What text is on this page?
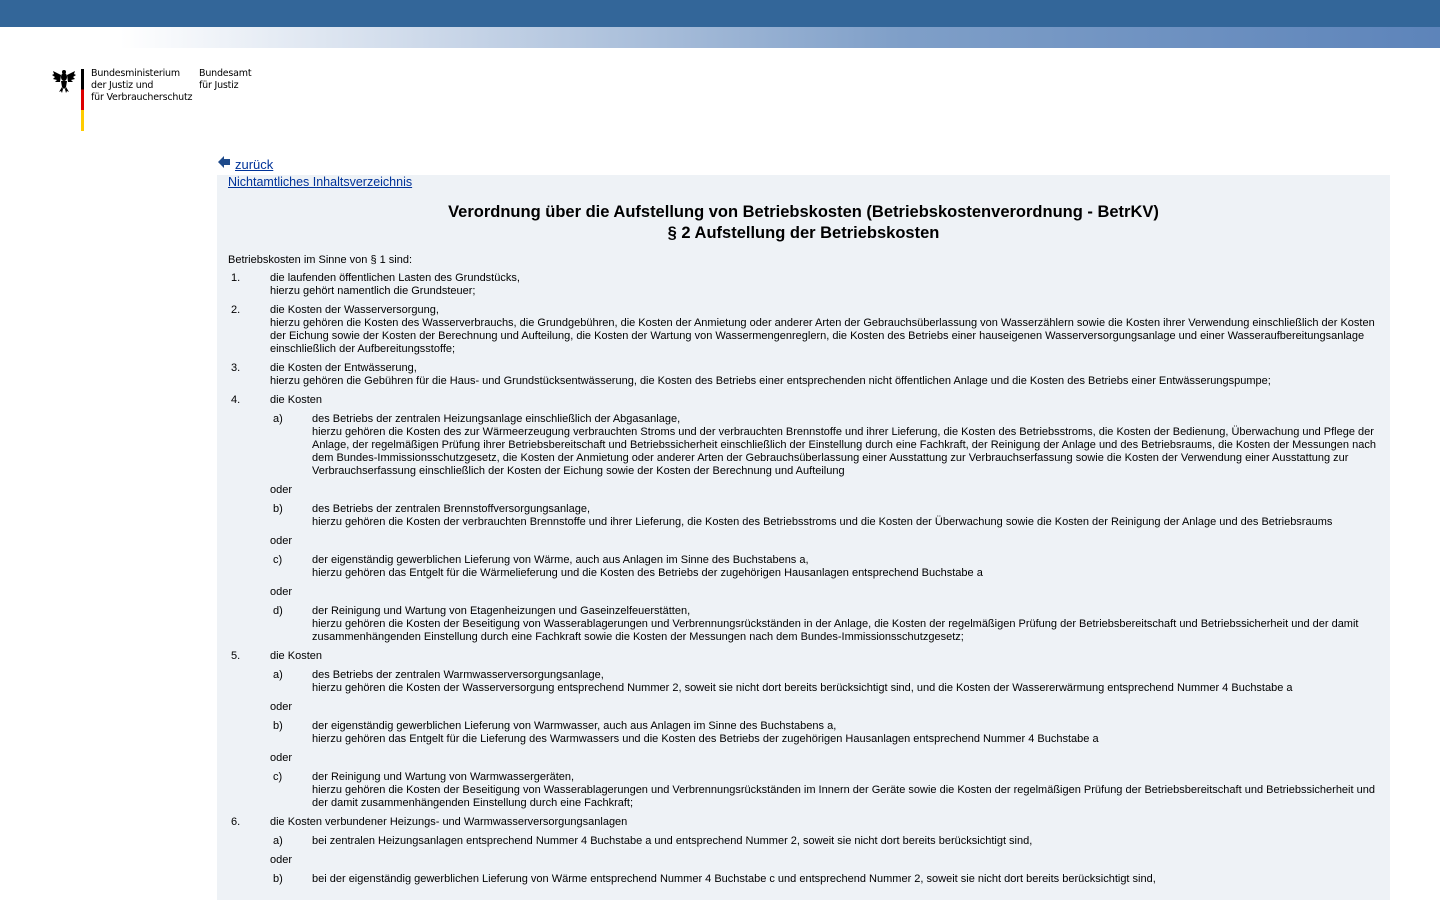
Bundesministerium
der Justiz und
für Verbraucherschutz
Bundesamt
für Justiz
zurück
Nichtamtliches Inhaltsverzeichnis
Verordnung über die Aufstellung von Betriebskosten (Betriebskostenverordnung - BetrKV)
§ 2 Aufstellung der Betriebskosten
Betriebskosten im Sinne von § 1 sind:
1.	die laufenden öffentlichen Lasten des Grundstücks,

hierzu gehört namentlich die Grundsteuer;

2.	die Kosten der Wasserversorgung,

hierzu gehören die Kosten des Wasserverbrauchs, die Grundgebühren, die Kosten der Anmietung oder anderer Arten der Gebrauchsüberlassung von Wasserzählern sowie die Kosten ihrer Verwendung einschließlich der Kosten der Eichung sowie der Kosten der Berechnung und Aufteilung, die Kosten der Wartung von Wassermengenreglern, die Kosten des Betriebs einer hauseigenen Wasserversorgungsanlage und einer Wasseraufbereitungsanlage einschließlich der Aufbereitungsstoffe;

3.	die Kosten der Entwässerung,

hierzu gehören die Gebühren für die Haus- und Grundstücksentwässerung, die Kosten des Betriebs einer entsprechenden nicht öffentlichen Anlage und die Kosten des Betriebs einer Entwässerungspumpe;

4.	die Kosten

a)	des Betriebs der zentralen Heizungsanlage einschließlich der Abgasanlage,

hierzu gehören die Kosten des zur Wärmeerzeugung verbrauchten Stroms und der verbrauchten Brennstoffe und ihrer Lieferung, die Kosten des Betriebsstroms, die Kosten der Bedienung, Überwachung und Pflege der Anlage, der regelmäßigen Prüfung ihrer Betriebsbereitschaft und Betriebssicherheit einschließlich der Einstellung durch eine Fachkraft, der Reinigung der Anlage und des Betriebsraums, die Kosten der Messungen nach dem Bundes-Immissionsschutzgesetz, die Kosten der Anmietung oder anderer Arten der Gebrauchsüberlassung einer Ausstattung zur Verbrauchserfassung sowie die Kosten der Verwendung einer Ausstattung zur Verbrauchserfassung einschließlich der Kosten der Eichung sowie der Kosten der Berechnung und Aufteilung

oder
b)	des Betriebs der zentralen Brennstoffversorgungsanlage,

hierzu gehören die Kosten der verbrauchten Brennstoffe und ihrer Lieferung, die Kosten des Betriebsstroms und die Kosten der Überwachung sowie die Kosten der Reinigung der Anlage und des Betriebsraums

oder
c)	der eigenständig gewerblichen Lieferung von Wärme, auch aus Anlagen im Sinne des Buchstabens a,

hierzu gehören das Entgelt für die Wärmelieferung und die Kosten des Betriebs der zugehörigen Hausanlagen entsprechend Buchstabe a

oder
d)	der Reinigung und Wartung von Etagenheizungen und Gaseinzelfeuerstätten,

hierzu gehören die Kosten der Beseitigung von Wasserablagerungen und Verbrennungsrückständen in der Anlage, die Kosten der regelmäßigen Prüfung der Betriebsbereitschaft und Betriebssicherheit und der damit zusammenhängenden Einstellung durch eine Fachkraft sowie die Kosten der Messungen nach dem Bundes-Immissionsschutzgesetz;

5.	die Kosten

a)	des Betriebs der zentralen Warmwasserversorgungsanlage,

hierzu gehören die Kosten der Wasserversorgung entsprechend Nummer 2, soweit sie nicht dort bereits berücksichtigt sind, und die Kosten der Wassererwärmung entsprechend Nummer 4 Buchstabe a

oder
b)	der eigenständig gewerblichen Lieferung von Warmwasser, auch aus Anlagen im Sinne des Buchstabens a,

hierzu gehören das Entgelt für die Lieferung des Warmwassers und die Kosten des Betriebs der zugehörigen Hausanlagen entsprechend Nummer 4 Buchstabe a

oder
c)	der Reinigung und Wartung von Warmwassergeräten,

hierzu gehören die Kosten der Beseitigung von Wasserablagerungen und Verbrennungsrückständen im Innern der Geräte sowie die Kosten der regelmäßigen Prüfung der Betriebsbereitschaft und Betriebssicherheit und der damit zusammenhängenden Einstellung durch eine Fachkraft;

6.	die Kosten verbundener Heizungs- und Warmwasserversorgungsanlagen

a)	bei zentralen Heizungsanlagen entsprechend Nummer 4 Buchstabe a und entsprechend Nummer 2, soweit sie nicht dort bereits berücksichtigt sind,

oder
b)	bei der eigenständig gewerblichen Lieferung von Wärme entsprechend Nummer 4 Buchstabe c und entsprechend Nummer 2, soweit sie nicht dort bereits berücksichtigt sind,
